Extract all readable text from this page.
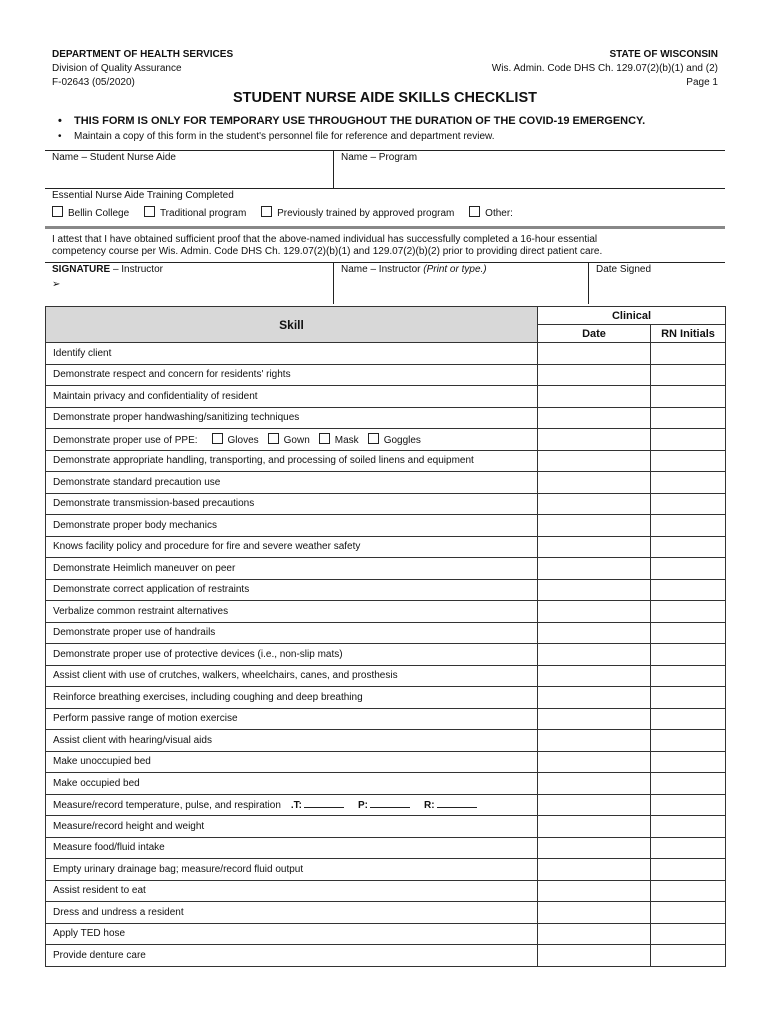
DEPARTMENT OF HEALTH SERVICES
Division of Quality Assurance
F-02643 (05/2020)
STATE OF WISCONSIN
Wis. Admin. Code DHS Ch. 129.07(2)(b)(1) and (2)
Page 1
STUDENT NURSE AIDE SKILLS CHECKLIST
• THIS FORM IS ONLY FOR TEMPORARY USE THROUGHOUT THE DURATION OF THE COVID-19 EMERGENCY.
• Maintain a copy of this form in the student's personnel file for reference and department review.
Name – Student Nurse Aide	Name – Program
Essential Nurse Aide Training Completed
Bellin College	Traditional program	Previously trained by approved program	Other:
I attest that I have obtained sufficient proof that the above-named individual has successfully completed a 16-hour essential
competency course per Wis. Admin. Code DHS Ch. 129.07(2)(b)(1) and 129.07(2)(b)(2) prior to providing direct patient care.
SIGNATURE – Instructor
➢
Name – Instructor (Print or type.)	Date Signed
Skill	Clinical	
	Date	RN Initials
Identify client		
Demonstrate respect and concern for residents' rights		
Maintain privacy and confidentiality of resident		
Demonstrate proper handwashing/sanitizing techniques		
Demonstrate proper use of PPE: Gloves Gown Mask Goggles		
Demonstrate appropriate handling, transporting, and processing of soiled linens and equipment		
Demonstrate standard precaution use		
Demonstrate transmission-based precautions		
Demonstrate proper body mechanics		
Knows facility policy and procedure for fire and severe weather safety		
Demonstrate Heimlich maneuver on peer		
Demonstrate correct application of restraints		
Verbalize common restraint alternatives		
Demonstrate proper use of handrails		
Demonstrate proper use of protective devices (i.e., non-slip mats)		
Assist client with use of crutches, walkers, wheelchairs, canes, and prosthesis		
Reinforce breathing exercises, including coughing and deep breathing		
Perform passive range of motion exercise		
Assist client with hearing/visual aids		
Make unoccupied bed		
Make occupied bed		
Measure/record temperature, pulse, and respiration .T: P: R:		
Measure/record height and weight		
Measure food/fluid intake		
Empty urinary drainage bag; measure/record fluid output		
Assist resident to eat		
Dress and undress a resident		
Apply TED hose		
Provide denture care		
